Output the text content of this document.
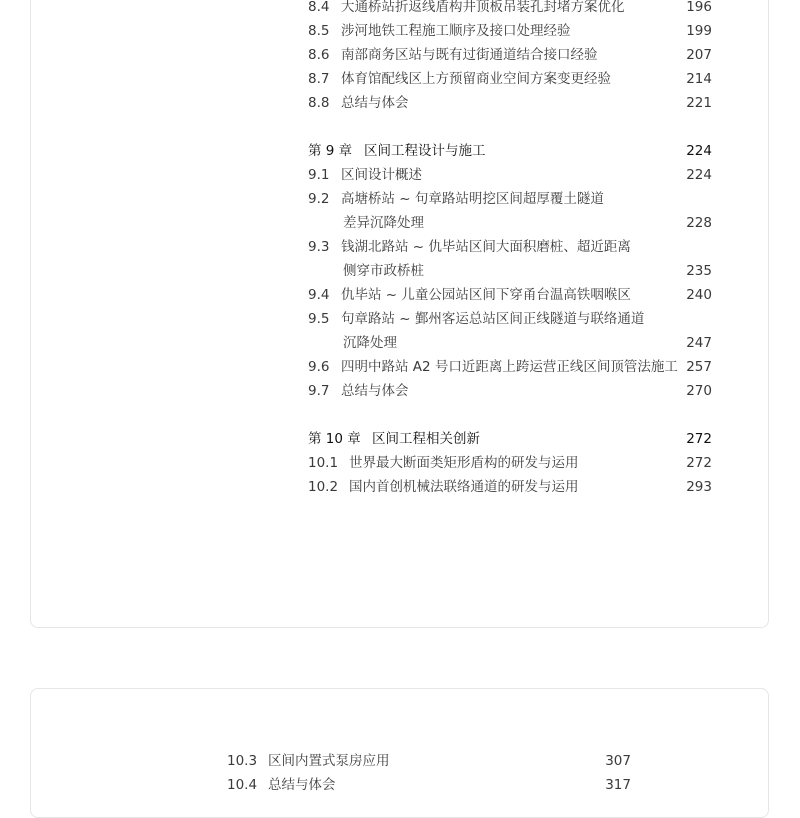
8.4 大通桥站折返线盾构井顶板吊装孔封堵方案优化	196
8.5 涉河地铁工程施工顺序及接口处理经验	199
8.6 南部商务区站与既有过街通道结合接口经验	207
8.7 体育馆配线区上方预留商业空间方案变更经验	214
8.8 总结与体会	221
第 9 章 区间工程设计与施工	224
9.1 区间设计概述	224
9.2 高塘桥站 ~ 句章路站明挖区间超厚覆土隧道
差异沉降处理	228
9.3 钱湖北路站 ~ 仇毕站区间大面积磨桩、超近距离
侧穿市政桥桩	235
9.4 仇毕站 ~ 儿童公园站区间下穿甬台温高铁咽喉区	240
9.5 句章路站 ~ 鄞州客运总站区间正线隧道与联络通道
沉降处理	247
9.6 四明中路站 A2 号口近距离上跨运营正线区间顶管法施工 257
9.7 总结与体会	270
第 10 章 区间工程相关创新	272
10.1 世界最大断面类矩形盾构的研发与运用	272
10.2 国内首创机械法联络通道的研发与运用	293
10.3 区间内置式泵房应用	307
10.4 总结与体会	317
